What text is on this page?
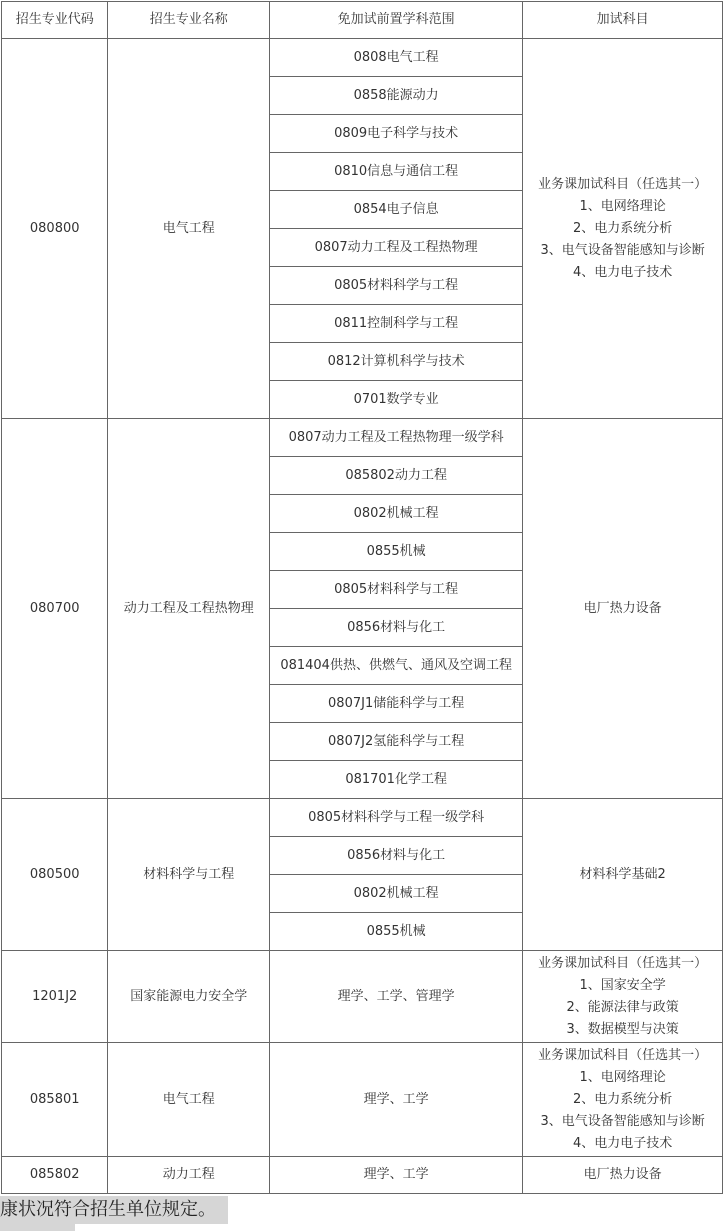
招生专业代码	招生专业名称	免加试前置学科范围	加试科目
080800	电气工程	0808电气工程	业务课加试科目（任选其一）
1、电网络理论
2、电力系统分析
3、电气设备智能感知与诊断
4、电力电子技术

		0858能源动力	
		0809电子科学与技术	
		0810信息与通信工程	
		0854电子信息	
		0807动力工程及工程热物理	
		0805材料科学与工程	
		0811控制科学与工程	
		0812计算机科学与技术	
		0701数学专业	
080700	动力工程及工程热物理	0807动力工程及工程热物理一级学科	电厂热力设备

		085802动力工程	
		0802机械工程	
		0855机械	
		0805材料科学与工程	
		0856材料与化工	
		081404供热、供燃气、通风及空调工程	
		0807J1储能科学与工程	
		0807J2氢能科学与工程	
		081701化学工程	
080500	材料科学与工程	0805材料科学与工程一级学科	材料科学基础2

		0856材料与化工	
		0802机械工程	
		0855机械	
1201J2	国家能源电力安全学	理学、工学、管理学	业务课加试科目（任选其一）
1、国家安全学
2、能源法律与政策
3、数据模型与决策

085801	电气工程	理学、工学	业务课加试科目（任选其一）
1、电网络理论
2、电力系统分析
3、电气设备智能感知与诊断
4、电力电子技术

085802	动力工程	理学、工学	电厂热力设备
康状况符合招生单位规定。
